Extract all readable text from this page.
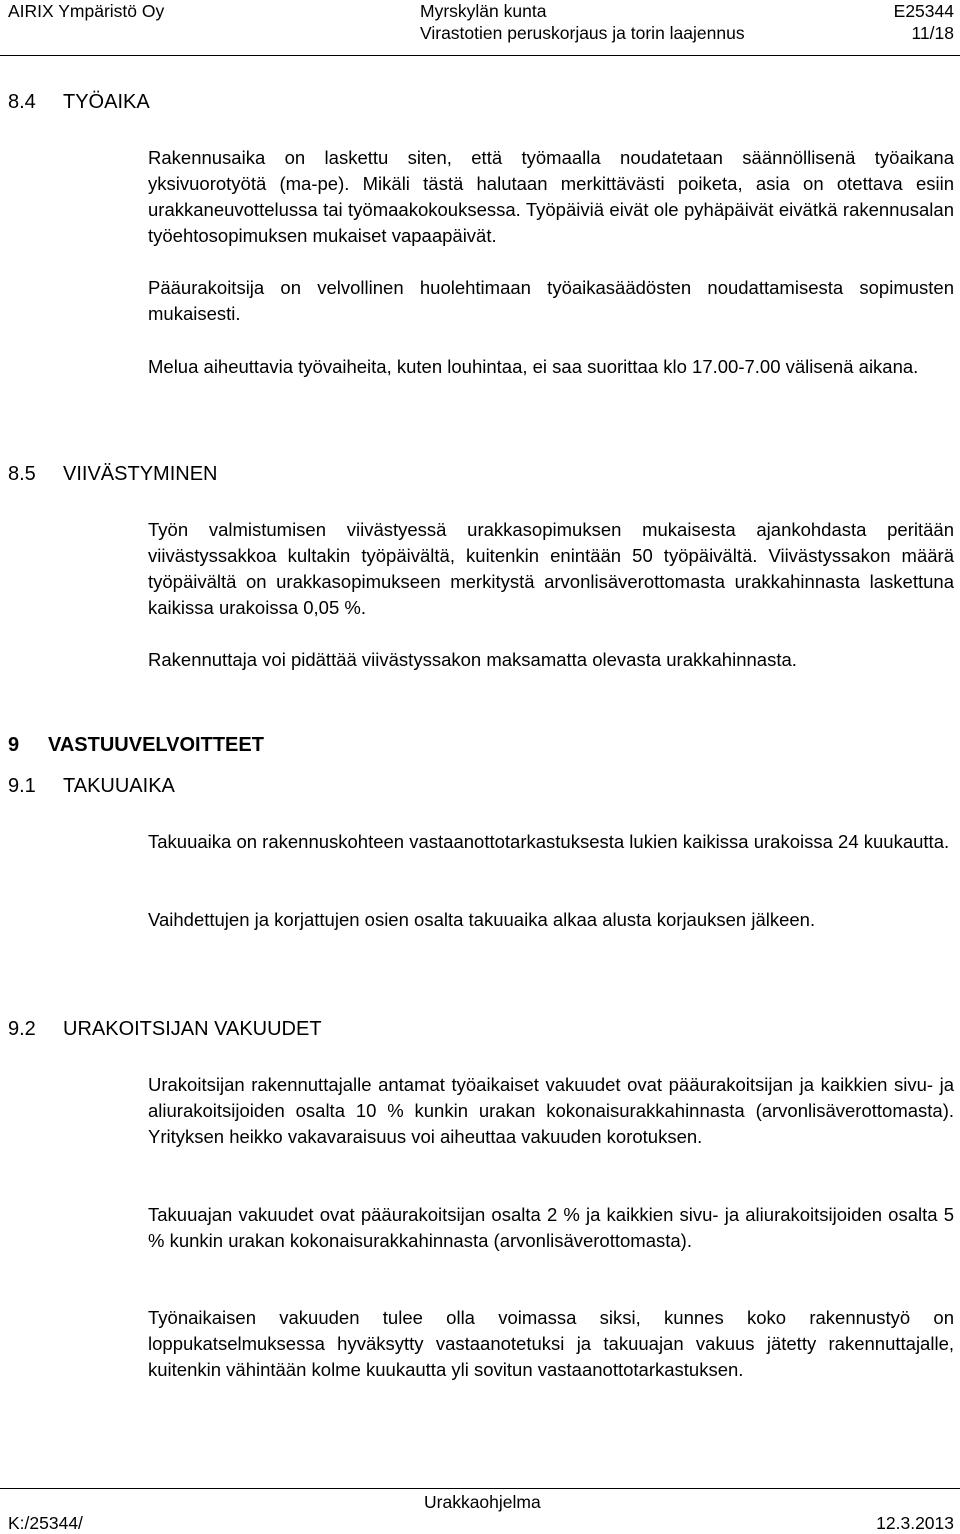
AIRIX Ympäristö Oy	Myrskylän kunta
Virastotien peruskorjaus ja torin laajennus
E25344
11/18
8.4 TYÖAIKA

Rakennusaika on laskettu siten, että työmaalla noudatetaan säännöllisenä työaikana yksivuorotyötä (ma-pe). Mikäli tästä halutaan merkittävästi poiketa, asia on otettava esiin urakkaneuvottelussa tai työmaakokouksessa. Työpäiviä eivät ole pyhäpäivät eivätkä rakennusalan työehtosopimuksen mukaiset vapaapäivät.

Pääurakoitsija on velvollinen huolehtimaan työaikasäädösten noudattamisesta sopimusten mukaisesti.

Melua aiheuttavia työvaiheita, kuten louhintaa, ei saa suorittaa klo 17.00-7.00 välisenä aikana.

8.5 VIIVÄSTYMINEN

Työn valmistumisen viivästyessä urakkasopimuksen mukaisesta ajankohdasta peritään viivästyssakkoa kultakin työpäivältä, kuitenkin enintään 50 työpäivältä. Viivästyssakon määrä työpäivältä on urakkasopimukseen merkitystä arvonlisäverottomasta urakkahinnasta laskettuna kaikissa urakoissa 0,05 %.

Rakennuttaja voi pidättää viivästyssakon maksamatta olevasta urakkahinnasta.

9 VASTUUVELVOITTEET
9.1 TAKUUAIKA

Takuuaika on rakennuskohteen vastaanottotarkastuksesta lukien kaikissa urakoissa 24 kuukautta.

Vaihdettujen ja korjattujen osien osalta takuuaika alkaa alusta korjauksen jälkeen.

9.2 URAKOITSIJAN VAKUUDET

Urakoitsijan rakennuttajalle antamat työaikaiset vakuudet ovat pääurakoitsijan ja kaikkien sivu- ja aliurakoitsijoiden osalta 10 % kunkin urakan kokonaisurakkahinnasta (arvonlisäverottomasta). Yrityksen heikko vakavaraisuus voi aiheuttaa vakuuden korotuksen.

Takuuajan vakuudet ovat pääurakoitsijan osalta 2 % ja kaikkien sivu- ja aliurakoitsijoiden osalta 5 % kunkin urakan kokonaisurakkahinnasta (arvonlisäverottomasta).

Työnaikaisen vakuuden tulee olla voimassa siksi, kunnes koko rakennustyö on loppukatselmuksessa hyväksytty vastaanotetuksi ja takuuajan vakuus jätetty rakennuttajalle, kuitenkin vähintään kolme kuukautta yli sovitun vastaanottotarkastuksen.

K:/25344/
Urakkaohjelma
12.3.2013
